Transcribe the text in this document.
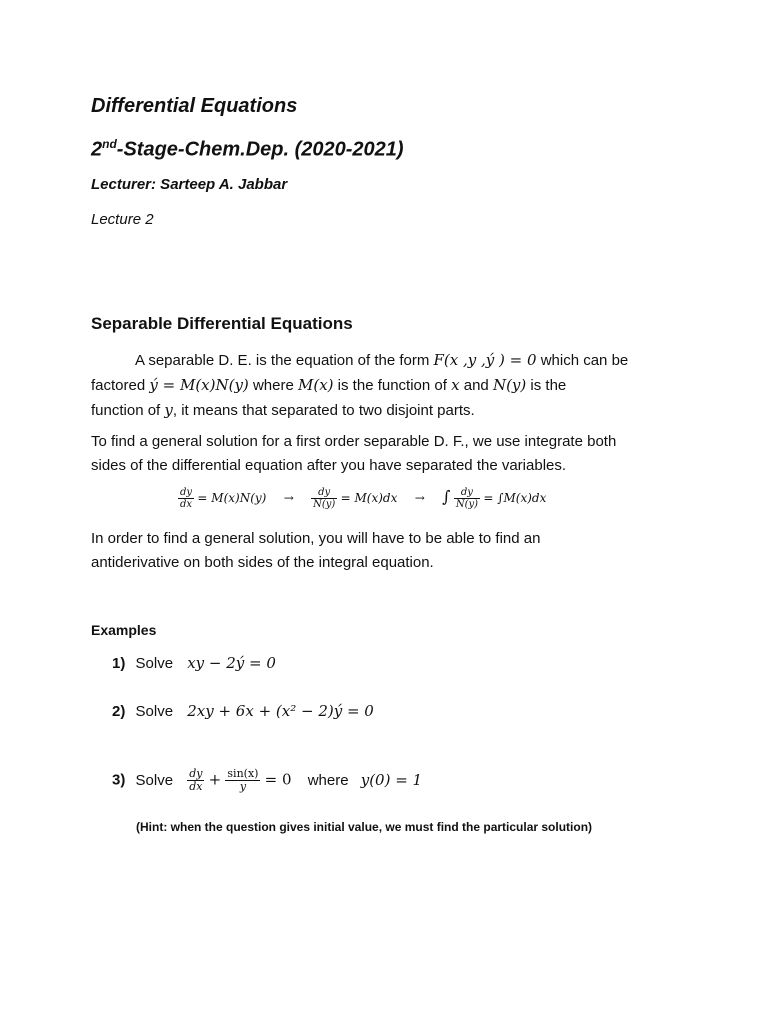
Differential Equations
2nd-Stage-Chem.Dep. (2020-2021)
Lecturer: Sarteep A. Jabbar
Lecture 2
Separable Differential Equations
A separable D. E. is the equation of the form F(x ,y ,ý ) = 0 which can be
factored ý = M(x)N(y) where M(x) is the function of x and N(y) is the
function of y, it means that separated to two disjoint parts.
To find a general solution for a first order separable D. F., we use integrate both
sides of the differential equation after you have separated the variables.
$\frac{dy}{dx} = M(x)N(y) \to \frac{dy}{N(y)} = M(x)dx$ → ∫ $\frac{dy}{N(y)} = \int M(x)dx$
In order to find a general solution, you will have to be able to find an
antiderivative on both sides of the integral equation.
Examples
1) Solve xy − 2ý = 0
2) Solve 2xy + 6x + (x² − 2)ý = 0
3) Solve $\frac{dy}{dx} + \frac{\sin(x)}{y} = 0$ where y(0) = 1
(Hint: when the question gives initial value, we must find the particular solution)
